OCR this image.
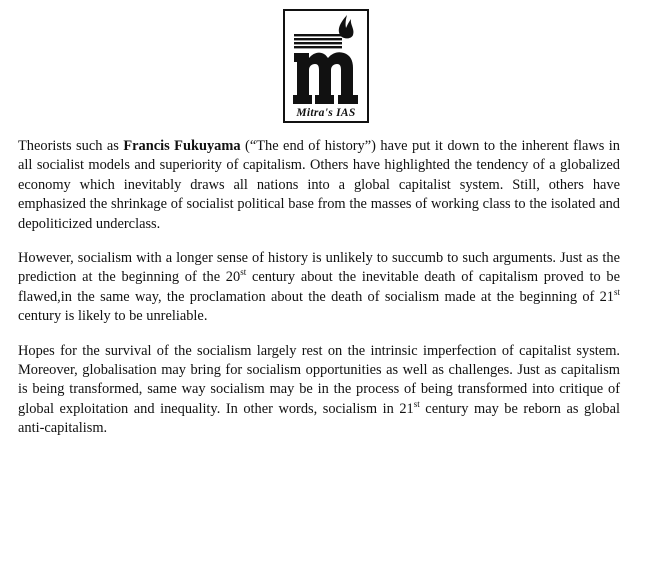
Mitra's IAS

Theorists such as Francis Fukuyama (“The end of history”) have put it down to the inherent flaws in all socialist models and superiority of capitalism. Others have highlighted the tendency of a globalized economy which inevitably draws all nations into a global capitalist system. Still, others have emphasized the shrinkage of socialist political base from the masses of working class to the isolated and depoliticized underclass.

However, socialism with a longer sense of history is unlikely to succumb to such arguments. Just as the prediction at the beginning of the 20st century about the inevitable death of capitalism proved to be flawed,in the same way, the proclamation about the death of socialism made at the beginning of 21st century is likely to be unreliable.

Hopes for the survival of the socialism largely rest on the intrinsic imperfection of capitalist system. Moreover, globalisation may bring for socialism opportunities as well as challenges. Just as capitalism is being transformed, same way socialism may be in the process of being transformed into critique of global exploitation and inequality. In other words, socialism in 21st century may be reborn as global anti-capitalism.
